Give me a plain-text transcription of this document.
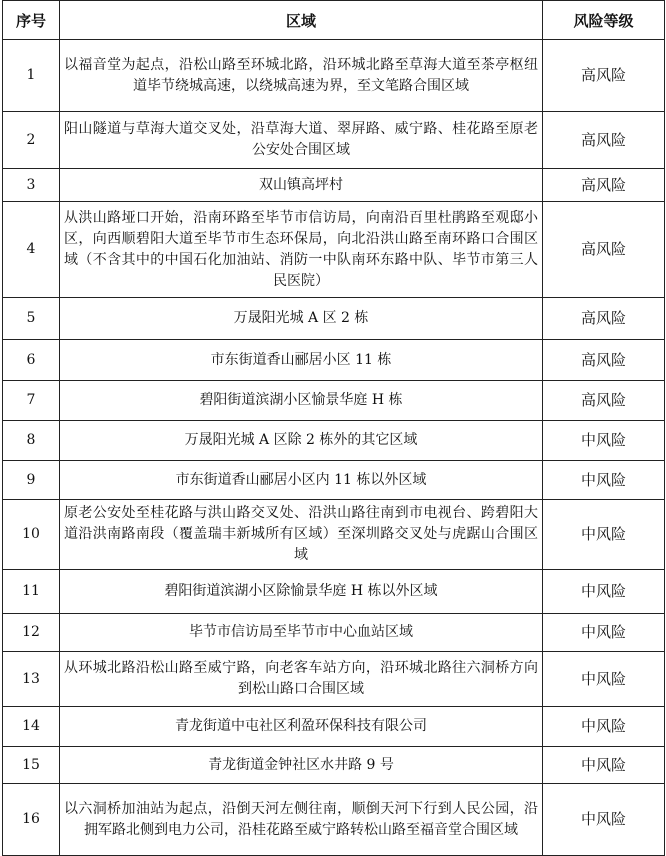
序号	区域	风险等级
1	以福音堂为起点，沿松山路至环城北路，沿环城北路至草海大道至茶亭枢纽道毕节绕城高速，以绕城高速为界，至文笔路合围区域	高风险
2	阳山隧道与草海大道交叉处，沿草海大道、翠屏路、威宁路、桂花路至原老公安处合围区域	高风险
3	双山镇高坪村	高风险
4	从洪山路垭口开始，沿南环路至毕节市信访局，向南沿百里杜鹃路至观邸小区，向西顺碧阳大道至毕节市生态环保局，向北沿洪山路至南环路口合围区域（不含其中的中国石化加油站、消防一中队南环东路中队、毕节市第三人民医院）	高风险
5	万晟阳光城 A 区 2 栋	高风险
6	市东街道香山郦居小区 11 栋	高风险
7	碧阳街道滨湖小区愉景华庭 H 栋	高风险
8	万晟阳光城 A 区除 2 栋外的其它区域	中风险
9	市东街道香山郦居小区内 11 栋以外区域	中风险
10	原老公安处至桂花路与洪山路交叉处、沿洪山路往南到市电视台、跨碧阳大道沿洪南路南段（覆盖瑞丰新城所有区域）至深圳路交叉处与虎踞山合围区域	中风险
11	碧阳街道滨湖小区除愉景华庭 H 栋以外区域	中风险
12	毕节市信访局至毕节市中心血站区域	中风险
13	从环城北路沿松山路至威宁路，向老客车站方向，沿环城北路往六洞桥方向到松山路口合围区域	中风险
14	青龙街道中屯社区利盈环保科技有限公司	中风险
15	青龙街道金钟社区水井路 9 号	中风险
16	以六洞桥加油站为起点，沿倒天河左侧往南，顺倒天河下行到人民公园，沿拥军路北侧到电力公司，沿桂花路至威宁路转松山路至福音堂合围区域	中风险
